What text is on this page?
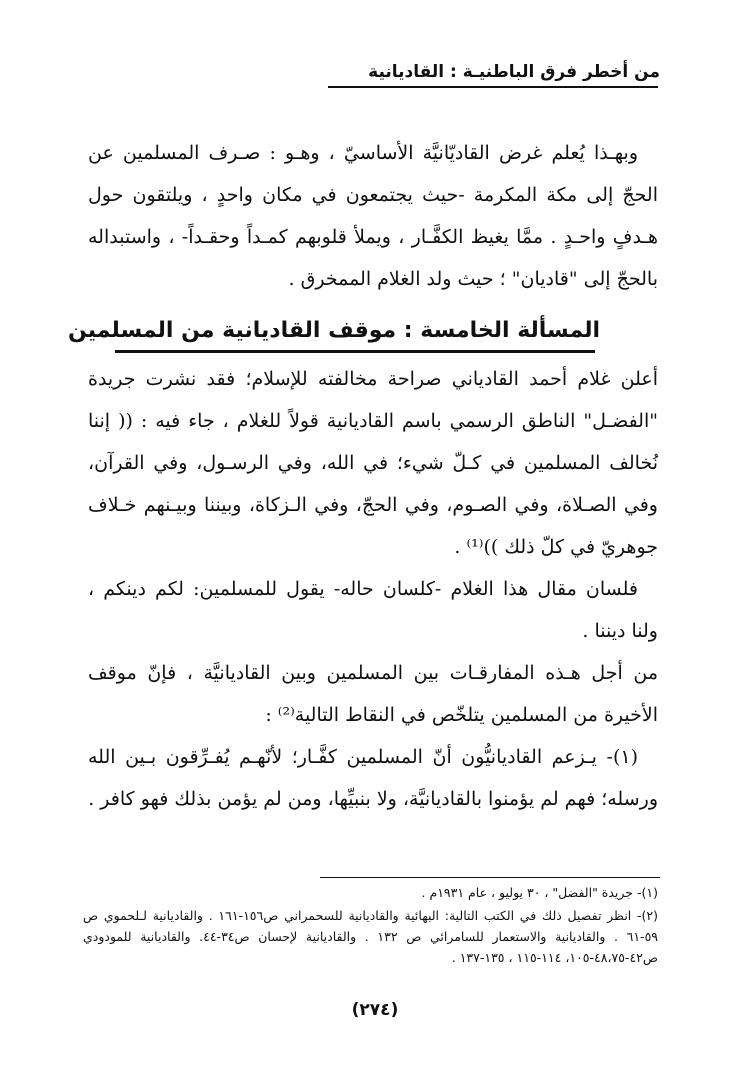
من أخطر فرق الباطنيـة : القاديانية

وبهـذا يُعلم غرض القاديّانيَّة الأساسيّ ، وهـو : صـرف المسلمين عن الحجّ إلى مكة المكرمة -حيث يجتمعون في مكان واحدٍ ، ويلتقون حول هـدفٍ واحـدٍ . ممَّا يغيظ الكفَّـار ، ويملأ قلوبهم كمـداً وحقـداً- ، واستبداله بالحجّ إلى "قاديان" ؛ حيث ولد الغلام الممخرق .

المسألة الخامسة : موقف القاديانية من المسلمين

أعلن غلام أحمد القادياني صراحة مخالفته للإسلام؛ فقد نشرت جريدة "الفضـل" الناطق الرسمي باسم القاديانية قولاً للغلام ، جاء فيه : (( إننا نُخالف المسلمين في كـلّ شيء؛ في الله، وفي الرسـول، وفي القرآن، وفي الصـلاة، وفي الصـوم، وفي الحجّ، وفي الـزكاة، وبيننا وبيـنهم خـلاف جوهريّ في كلّ ذلك ))⁽¹⁾ .

فلسان مقال هذا الغلام -كلسان حاله- يقول للمسلمين: لكم دينكم ، ولنا ديننا .

من أجل هـذه المفارقـات بين المسلمين وبين القاديانيَّة ، فإنّ موقف الأخيرة من المسلمين يتلخّص في النقاط التالية⁽²⁾ :

(١)- يـزعم القاديانيُّون أنّ المسلمين كفَّـار؛ لأنّهـم يُفـرِّقون بـين الله ورسله؛ فهم لم يؤمنوا بالقاديانيَّة، ولا بنبيِّها، ومن لم يؤمن بذلك فهو كافر .

(١)- جريدة "الفضل" ، ٣٠ يوليو ، عام ١٩٣١م .

(٢)- انظر تفصيل ذلك في الكتب التالية: البهائية والقاديانية للسحمراني ص١٥٦-١٦١ . والقاديانية لـلحموي ص ٥٩-٦١ . والقاديانية والاستعمار للسامرائي ص ١٣٢ . والقاديانية لإحسان ص٣٤-٤٤. والقاديانية للمودودي ص٤٢-٤٨،٧٥-١٠٥، ١١٤-١١٥ ، ١٣٥-١٣٧ .

(٢٧٤)
